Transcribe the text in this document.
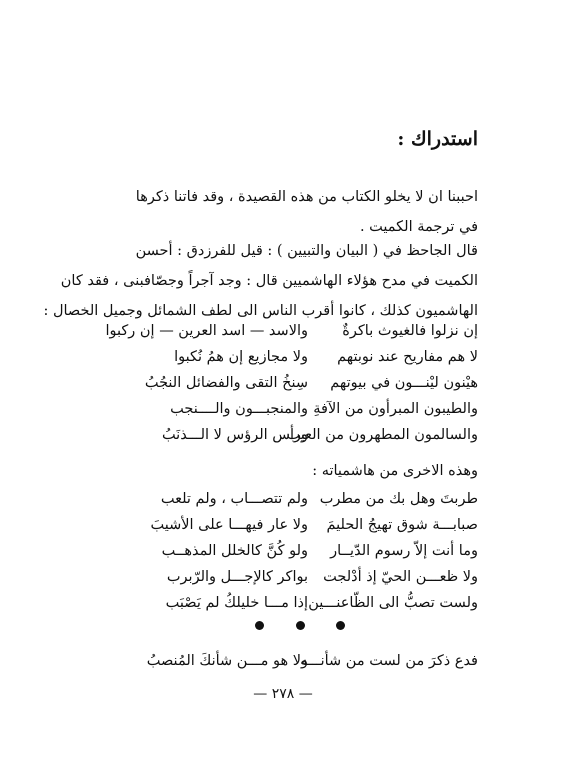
استدراك :
احببنا ان لا يخلو الكتاب من هذه القصيدة ، وقد فاتنا ذكرها
في ترجمة الكميت .
قال الجاحظ في ( البيان والتبيين ) : قيل للفرزدق : أحسن
الكميت في مدح هؤلاء الهاشميين قال : وجد آجراً وجصّافبنى ، فقد كان
الهاشميون كذلك ، كانوا أقرب الناس الى لطف الشمائل وجميل الخصال :
إن نزلوا فالغيوث باكرةٌ
والاسد — اسد العرين — إن ركبوا
لا هم مفاريح عند نوبتهم
ولا مجازيع إن همُ نُكبوا
هيْنون ليْنـــون في بيوتهم
سِنخُ التقى والفضائل النجُبُ
والطيبون المبرأون من الآفةِ
والمنجبـــون والــــنجب
والسالمون المطهرون من العيب
ورأس الرؤس لا الـــذنَبُ
وهذه الاخرى من هاشمياته :
طربتَ وهل بك من مطرب
ولم تتصـــاب ، ولم تلعب
صبابـــة شوق تهيجُ الحليمَ
ولا عار فيهـــا على الأشيبَ
وما أنت إلاّ رسوم الدّيــار
ولو كُنَّ كالخلل المذهــب
ولا ظعـــن الحيّ إذ أدْلجت
بواكر كالإجـــل والرّبرب
ولست تصبُّ الى الظّاعنـــين
إذا مـــا خليلكُ لم يَصْبَب
فدع ذكرَ من لست من شأنـــه
ولا هو مـــن شأنكَ المُنصبُ
— ٢٧٨ —
